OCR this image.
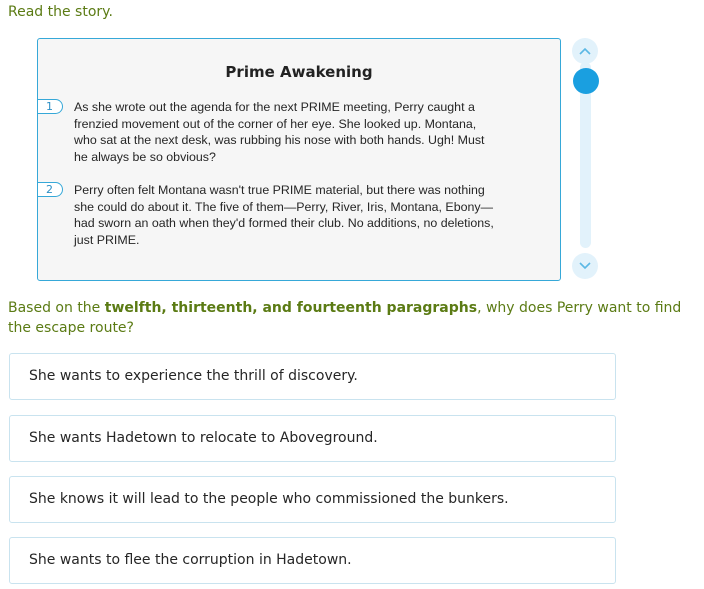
Read the story.
Prime Awakening
1	As she wrote out the agenda for the next PRIME meeting, Perry caught a
frenzied movement out of the corner of her eye. She looked up. Montana,
who sat at the next desk, was rubbing his nose with both hands. Ugh! Must
he always be so obvious?
2	Perry often felt Montana wasn't true PRIME material, but there was nothing
she could do about it. The five of them—Perry, River, Iris, Montana, Ebony—
had sworn an oath when they'd formed their club. No additions, no deletions,
just PRIME.
Based on the twelfth, thirteenth, and fourteenth paragraphs, why does Perry want to find the escape route?
She wants to experience the thrill of discovery.
She wants Hadetown to relocate to Aboveground.
She knows it will lead to the people who commissioned the bunkers.
She wants to flee the corruption in Hadetown.
